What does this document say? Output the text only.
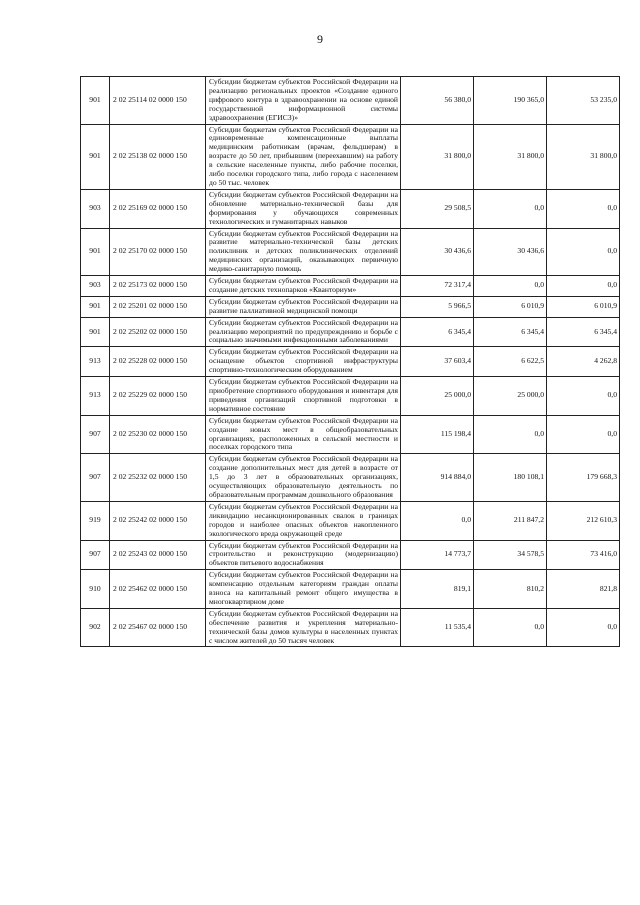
9
901	2 02 25114 02 0000 150	Субсидии бюджетам субъектов Российской Федерации на реализацию региональных проектов «Создание единого цифрового контура в здравоохранении на основе единой государственной информационной системы здравоохранения (ЕГИСЗ)»	56 380,0	190 365,0	53 235,0
901	2 02 25138 02 0000 150	Субсидии бюджетам субъектов Российской Федерации на единовременные компенсационные выплаты медицинским работникам (врачам, фельдшерам) в возрасте до 50 лет, прибывшим (переехавшим) на работу в сельские населенные пункты, либо рабочие поселки, либо поселки городского типа, либо города с населением до 50 тыс. человек	31 800,0	31 800,0	31 800,0
903	2 02 25169 02 0000 150	Субсидии бюджетам субъектов Российской Федерации на обновление материально-технической базы для формирования у обучающихся современных технологических и гуманитарных навыков	29 508,5	0,0	0,0
901	2 02 25170 02 0000 150	Субсидии бюджетам субъектов Российской Федерации на развитие материально-технической базы детских поликлиник и детских поликлинических отделений медицинских организаций, оказывающих первичную медико-санитарную помощь	30 436,6	30 436,6	0,0
903	2 02 25173 02 0000 150	Субсидии бюджетам субъектов Российской Федерации на создание детских технопарков «Кванториум»	72 317,4	0,0	0,0
901	2 02 25201 02 0000 150	Субсидии бюджетам субъектов Российской Федерации на развитие паллиативной медицинской помощи	5 966,5	6 010,9	6 010,9
901	2 02 25202 02 0000 150	Субсидии бюджетам субъектов Российской Федерации на реализацию мероприятий по предупреждению и борьбе с социально значимыми инфекционными заболеваниями	6 345,4	6 345,4	6 345,4
913	2 02 25228 02 0000 150	Субсидии бюджетам субъектов Российской Федерации на оснащение объектов спортивной инфраструктуры спортивно-технологическим оборудованием	37 603,4	6 622,5	4 262,8
913	2 02 25229 02 0000 150	Субсидии бюджетам субъектов Российской Федерации на приобретение спортивного оборудования и инвентаря для приведения организаций спортивной подготовки в нормативное состояние	25 000,0	25 000,0	0,0
907	2 02 25230 02 0000 150	Субсидии бюджетам субъектов Российской Федерации на создание новых мест в общеобразовательных организациях, расположенных в сельской местности и поселках городского типа	115 198,4	0,0	0,0
907	2 02 25232 02 0000 150	Субсидии бюджетам субъектов Российской Федерации на создание дополнительных мест для детей в возрасте от 1,5 до 3 лет в образовательных организациях, осуществляющих образовательную деятельность по образовательным программам дошкольного образования	914 884,0	180 108,1	179 668,3
919	2 02 25242 02 0000 150	Субсидии бюджетам субъектов Российской Федерации на ликвидацию несанкционированных свалок в границах городов и наиболее опасных объектов накопленного экологического вреда окружающей среде	0,0	211 847,2	212 610,3
907	2 02 25243 02 0000 150	Субсидии бюджетам субъектов Российской Федерации на строительство и реконструкцию (модернизацию) объектов питьевого водоснабжения	14 773,7	34 578,5	73 416,0
910	2 02 25462 02 0000 150	Субсидии бюджетам субъектов Российской Федерации на компенсацию отдельным категориям граждан оплаты взноса на капитальный ремонт общего имущества в многоквартирном доме	819,1	810,2	821,8
902	2 02 25467 02 0000 150	Субсидии бюджетам субъектов Российской Федерации на обеспечение развития и укрепления материально-технической базы домов культуры в населенных пунктах с числом жителей до 50 тысяч человек	11 535,4	0,0	0,0
